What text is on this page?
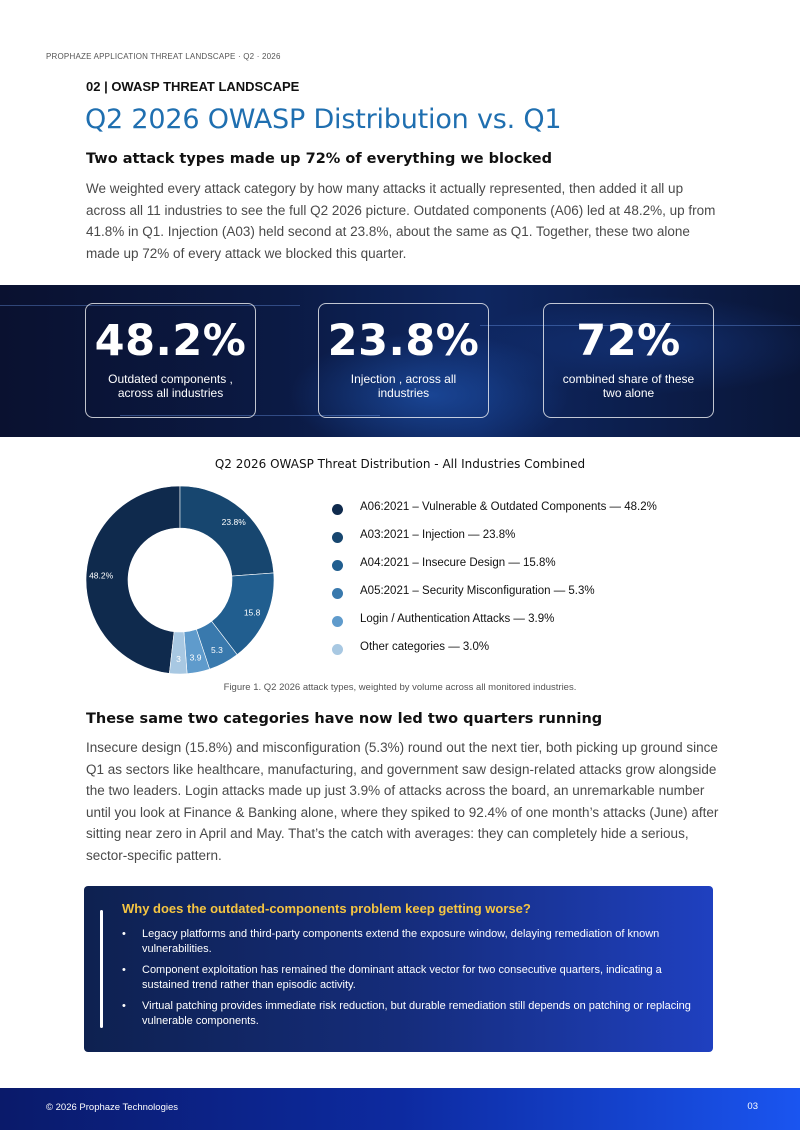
PROPHAZE APPLICATION THREAT LANDSCAPE · Q2 · 2026
02 | OWASP THREAT LANDSCAPE
Q2 2026 OWASP Distribution vs. Q1
Two attack types made up 72% of everything we blocked

We weighted every attack category by how many attacks it actually represented, then added it all up across all 11 industries to see the full Q2 2026 picture. Outdated components (A06) led at 48.2%, up from 41.8% in Q1. Injection (A03) held second at 23.8%, about the same as Q1. Together, these two alone made up 72% of every attack we blocked this quarter.

48.2%
Outdated components , across all industries
23.8%
Injection , across all industries
72%
combined share of these two alone
Q2 2026 OWASP Threat Distribution - All Industries Combined
48.2%
23.8%
15.8
5.3
3.9
3
A06:2021 – Vulnerable & Outdated Components — 48.2%
A03:2021 – Injection — 23.8%
A04:2021 – Insecure Design — 15.8%
A05:2021 – Security Misconfiguration — 5.3%
Login / Authentication Attacks — 3.9%
Other categories — 3.0%
Figure 1. Q2 2026 attack types, weighted by volume across all monitored industries.
These same two categories have now led two quarters running

Insecure design (15.8%) and misconfiguration (5.3%) round out the next tier, both picking up ground since Q1 as sectors like healthcare, manufacturing, and government saw design-related attacks grow alongside the two leaders. Login attacks made up just 3.9% of attacks across the board, an unremarkable number until you look at Finance & Banking alone, where they spiked to 92.4% of one month’s attacks (June) after sitting near zero in April and May. That’s the catch with averages: they can completely hide a serious, sector-specific pattern.

Why does the outdated-components problem keep getting worse?
• Legacy platforms and third-party components extend the exposure window, delaying remediation of known vulnerabilities.
• Component exploitation has remained the dominant attack vector for two consecutive quarters, indicating a sustained trend rather than episodic activity.
• Virtual patching provides immediate risk reduction, but durable remediation still depends on patching or replacing vulnerable components.
© 2026 Prophaze Technologies	03
